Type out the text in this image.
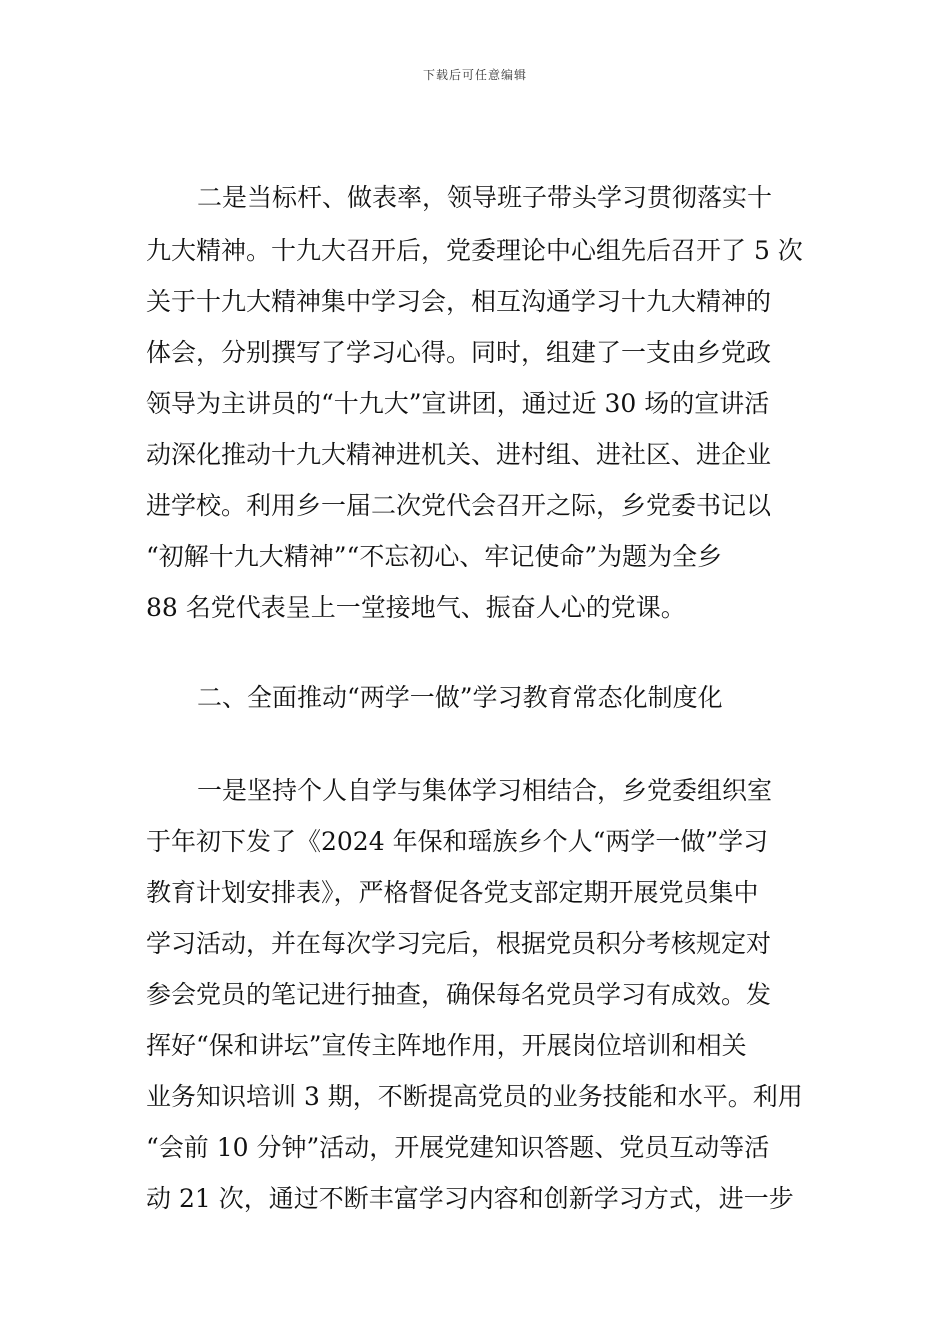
下载后可任意编辑
二是当标杆、做表率，领导班子带头学习贯彻落实十
九大精神。十九大召开后，党委理论中心组先后召开了 5 次
关于十九大精神集中学习会，相互沟通学习十九大精神的
体会，分别撰写了学习心得。同时，组建了一支由乡党政
领导为主讲员的“十九大”宣讲团，通过近 30 场的宣讲活
动深化推动十九大精神进机关、进村组、进社区、进企业
进学校。利用乡一届二次党代会召开之际，乡党委书记以
“初解十九大精神”“不忘初心、牢记使命”为题为全乡
88 名党代表呈上一堂接地气、振奋人心的党课。
二、全面推动“两学一做”学习教育常态化制度化
一是坚持个人自学与集体学习相结合，乡党委组织室
于年初下发了《2024 年保和瑶族乡个人“两学一做”学习
教育计划安排表》，严格督促各党支部定期开展党员集中
学习活动，并在每次学习完后，根据党员积分考核规定对
参会党员的笔记进行抽查，确保每名党员学习有成效。发
挥好“保和讲坛”宣传主阵地作用，开展岗位培训和相关
业务知识培训 3 期，不断提高党员的业务技能和水平。利用
“会前 10 分钟”活动，开展党建知识答题、党员互动等活
动 21 次，通过不断丰富学习内容和创新学习方式，进一步
